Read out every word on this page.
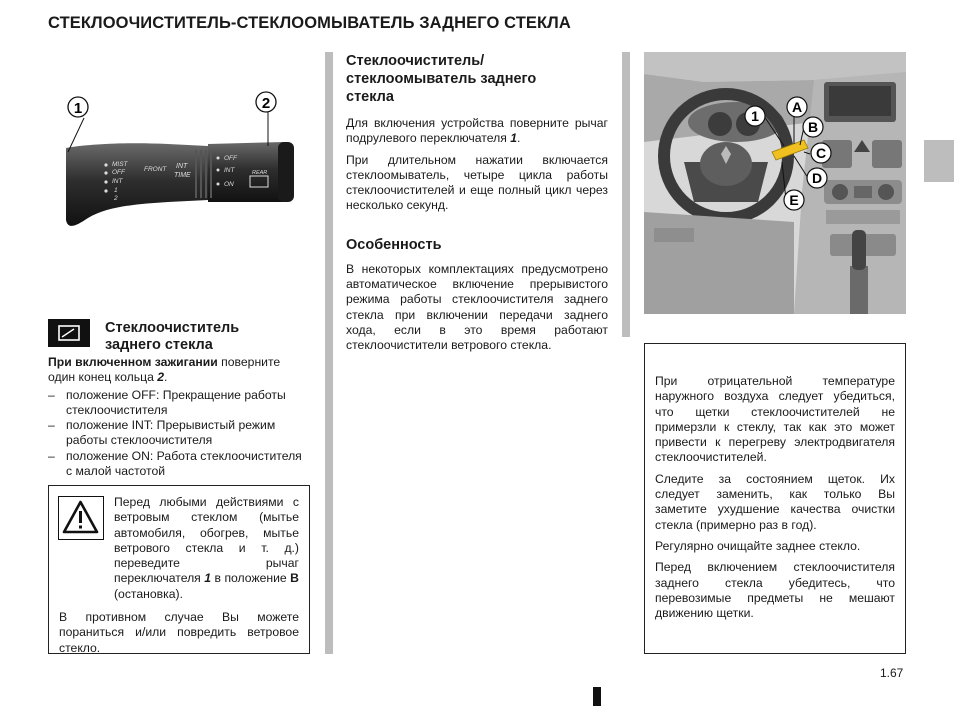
СТЕКЛООЧИСТИТЕЛЬ-СТЕКЛООМЫВАТЕЛЬ ЗАДНЕГО СТЕКЛА
MIST
OFF
INT
1
2
FRONT INT
TIME
OFF
INT
ON
REAR
1	2
Стеклоочиститель
заднего стекла

При включенном зажигании поверните один конец кольца 2.

– положение OFF: Прекращение работы стеклоочистителя
– положение INT: Прерывистый режим работы стеклоочистителя
– положение ON: Работа стеклоочистителя с малой частотой

Перед любыми действиями с ветровым стеклом (мытье автомобиля, обогрев, мытье ветрового стекла и т. д.) переведите рычаг переключателя 1 в положение B (остановка).

В противном случае Вы можете пораниться и/или повредить ветровое стекло.

Стеклоочиститель/
стеклоомыватель заднего
стекла

Для включения устройства поверните рычаг подрулевого переключателя 1.

При длительном нажатии включается стеклоомыватель, четыре цикла работы стеклоочистителей и еще полный цикл через несколько секунд.

Особенность

В некоторых комплектациях предусмотрено автоматическое включение прерывистого режима работы стеклоочистителя заднего стекла при включении передачи заднего хода, если в это время работают стеклоочистители ветрового стекла.

1
A
B
C
D
E

При отрицательной температуре наружного воздуха следует убедиться, что щетки стеклоочистителей не примерзли к стеклу, так как это может привести к перегреву электродвигателя стеклоочистителей.

Следите за состоянием щеток. Их следует заменить, как только Вы заметите ухудшение качества очистки стекла (примерно раз в год).

Регулярно очищайте заднее стекло.

Перед включением стеклоочистителя заднего стекла убедитесь, что перевозимые предметы не мешают движению щетки.

1.67
